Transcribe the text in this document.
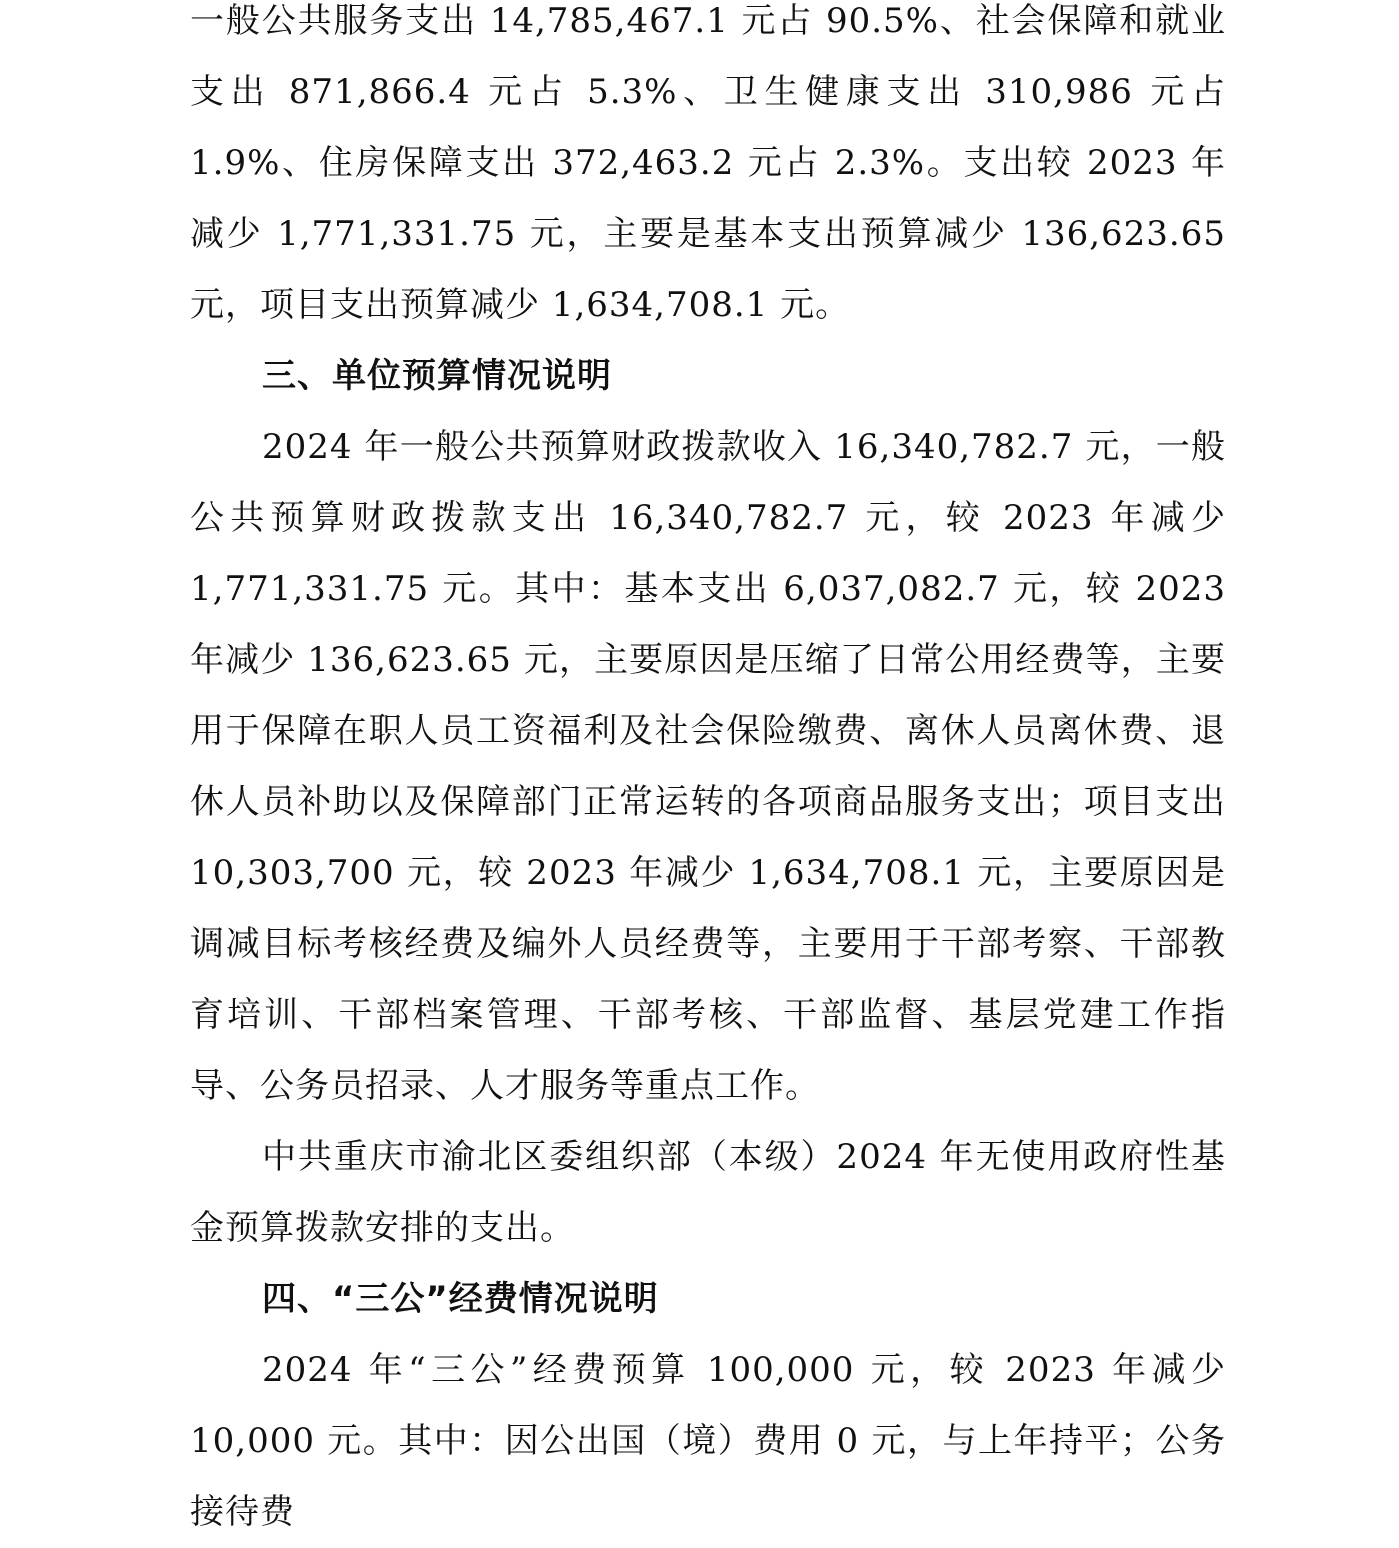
一般公共服务支出 14,785,467.1 元占 90.5%、社会保障和就业支出 871,866.4 元占 5.3%、卫生健康支出 310,986 元占 1.9%、住房保障支出 372,463.2 元占 2.3%。支出较 2023 年减少 1,771,331.75 元，主要是基本支出预算减少 136,623.65 元，项目支出预算减少 1,634,708.1 元。

三、单位预算情况说明

2024 年一般公共预算财政拨款收入 16,340,782.7 元，一般公共预算财政拨款支出 16,340,782.7 元，较 2023 年减少 1,771,331.75 元。其中：基本支出 6,037,082.7 元，较 2023 年减少 136,623.65 元，主要原因是压缩了日常公用经费等，主要用于保障在职人员工资福利及社会保险缴费、离休人员离休费、退休人员补助以及保障部门正常运转的各项商品服务支出；项目支出 10,303,700 元，较 2023 年减少 1,634,708.1 元，主要原因是调减目标考核经费及编外人员经费等，主要用于干部考察、干部教育培训、干部档案管理、干部考核、干部监督、基层党建工作指导、公务员招录、人才服务等重点工作。

中共重庆市渝北区委组织部（本级）2024 年无使用政府性基金预算拨款安排的支出。

四、“三公”经费情况说明

2024 年“三公”经费预算 100,000 元，较 2023 年减少 10,000 元。其中：因公出国（境）费用 0 元，与上年持平；公务接待费
